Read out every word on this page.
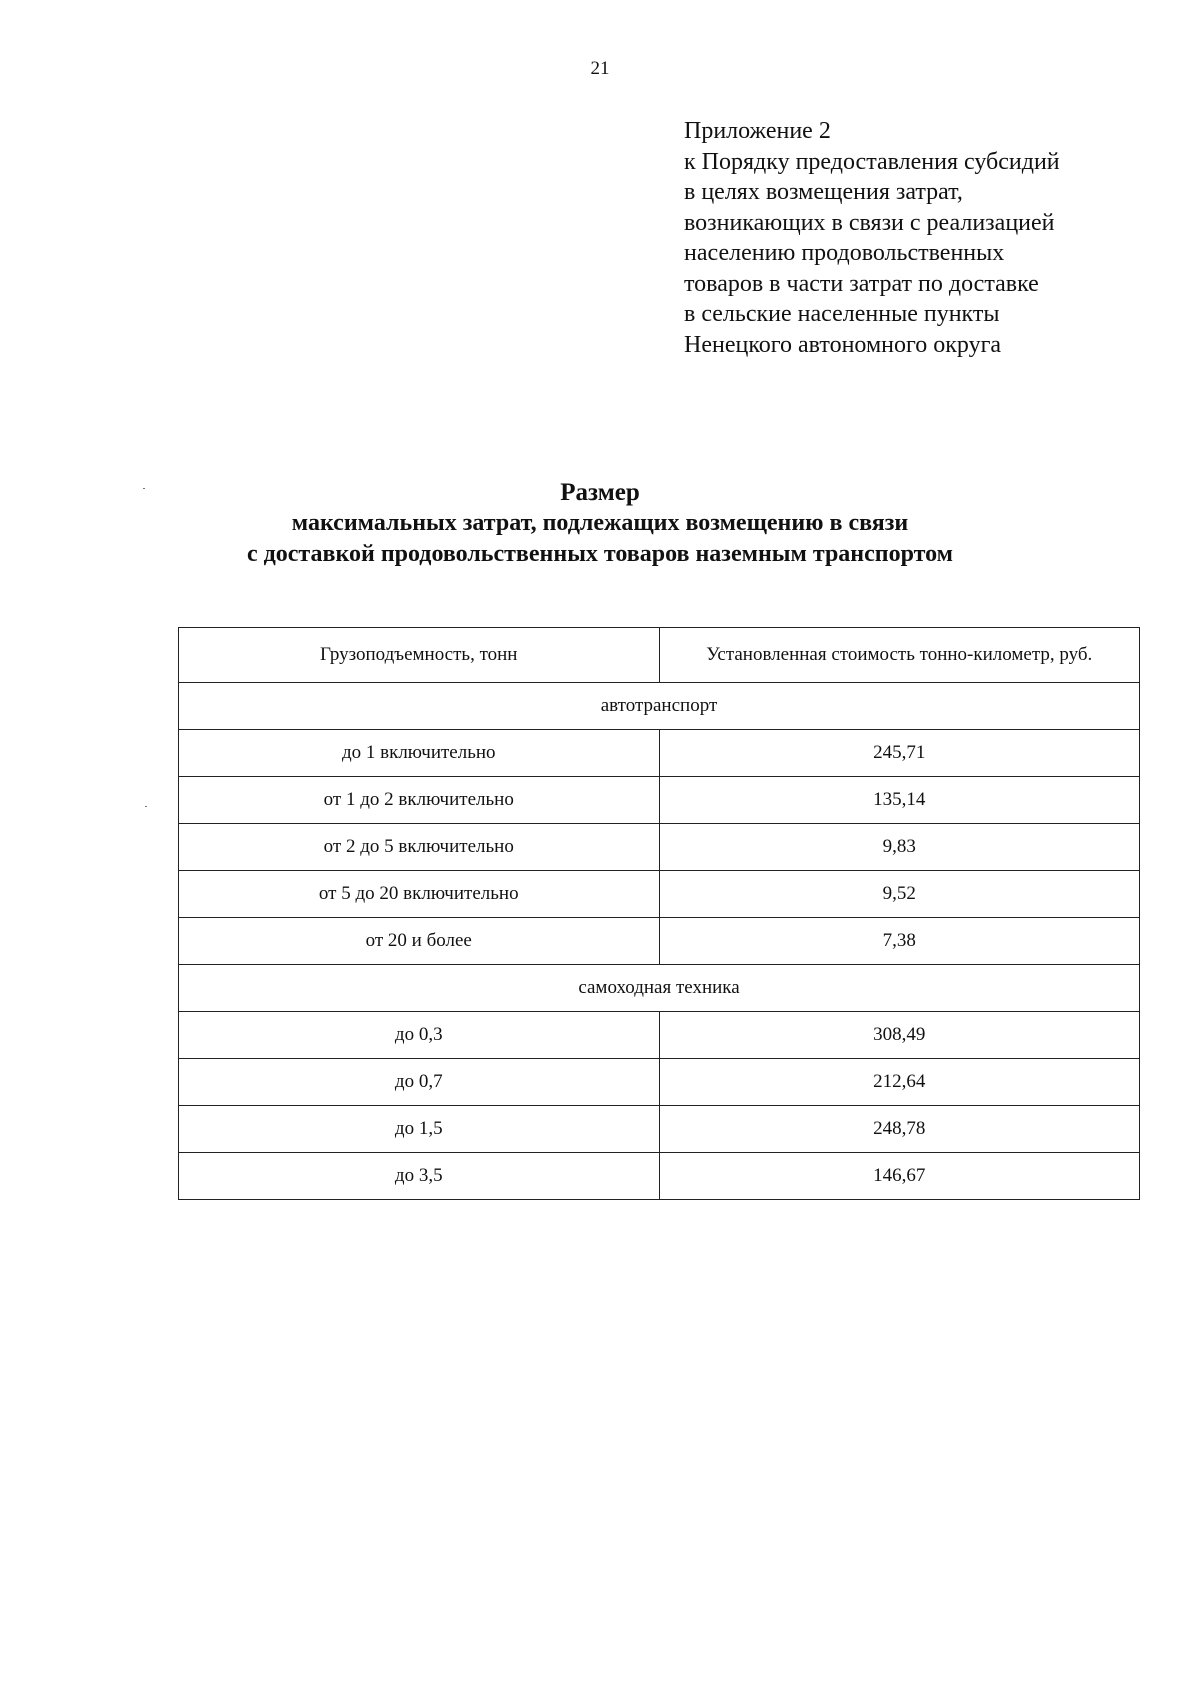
21
Приложение 2
к Порядку предоставления субсидий
в целях возмещения затрат,
возникающих в связи с реализацией
населению продовольственных
товаров в части затрат по доставке
в сельские населенные пункты
Ненецкого автономного округа
Размер
максимальных затрат, подлежащих возмещению в связи
с доставкой продовольственных товаров наземным транспортом
Грузоподъемность, тонн	Установленная стоимость тонно-километр, руб.
автотранспорт	
до 1 включительно	245,71
от 1 до 2 включительно	135,14
от 2 до 5 включительно	9,83
от 5 до 20 включительно	9,52
от 20 и более	7,38
самоходная техника	
до 0,3	308,49
до 0,7	212,64
до 1,5	248,78
до 3,5	146,67
